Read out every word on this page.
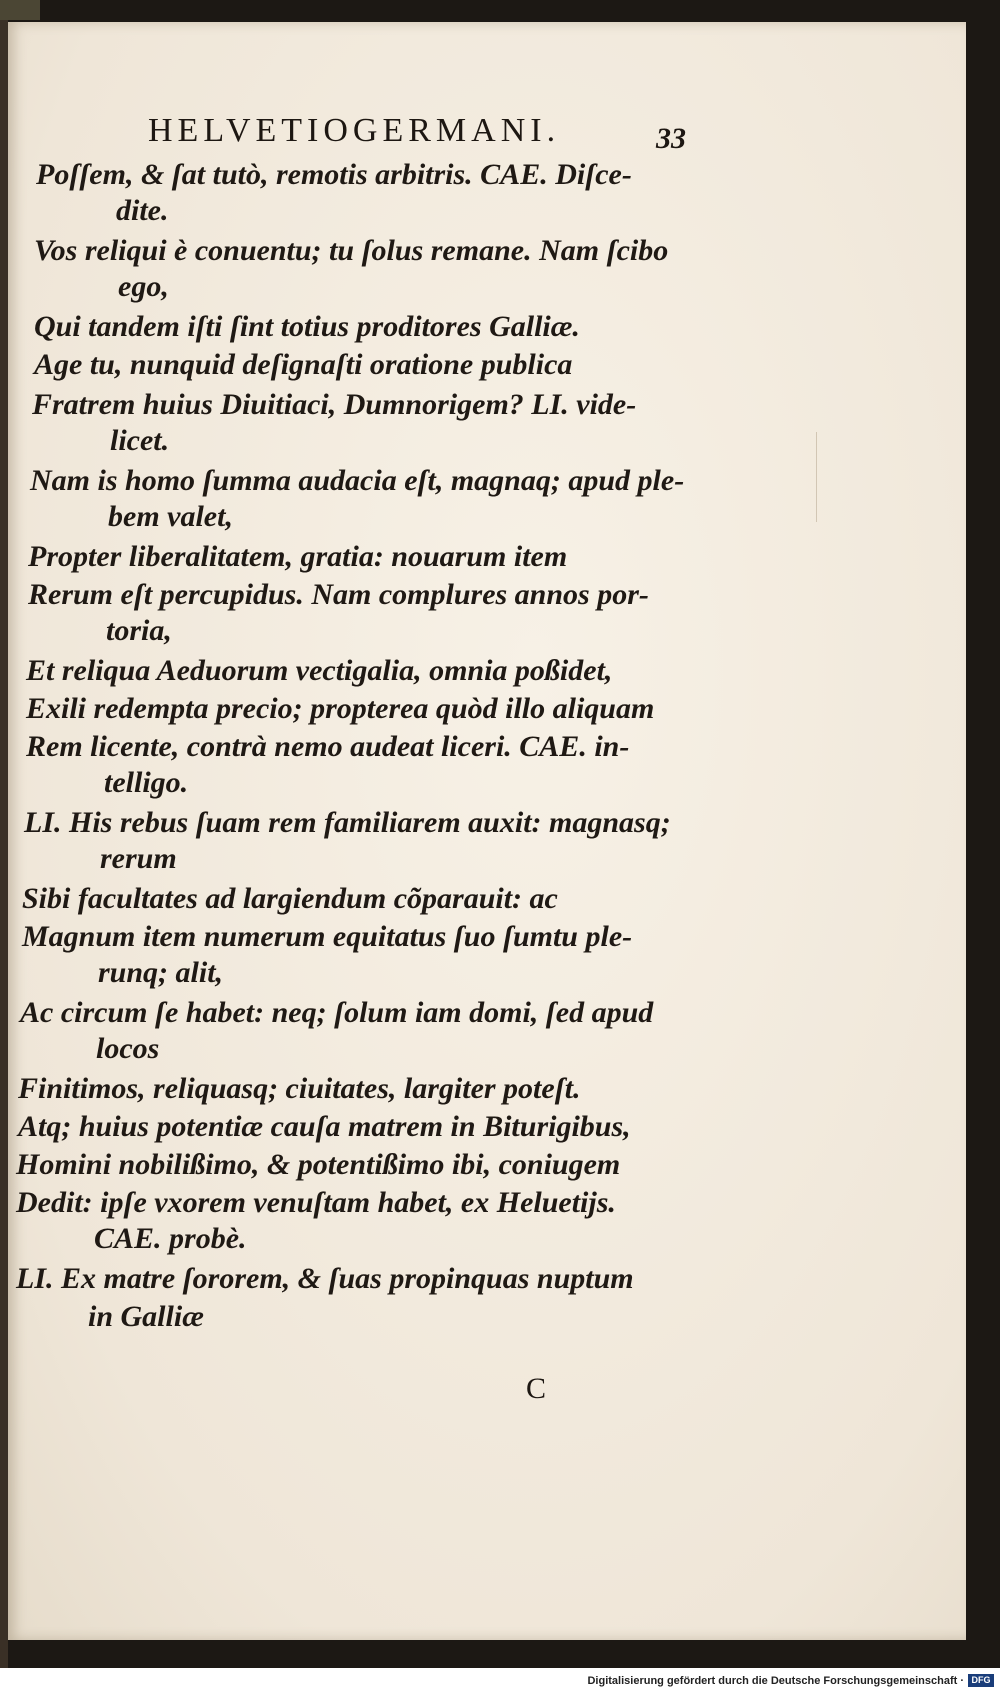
HELVETIOGERMANI.	33
Poſſem, & ſat tutò, remotis arbitris. CAE. Diſce-
dite.
Vos reliqui è conuentu; tu ſolus remane. Nam ſcibo
ego,
Qui tandem iſti ſint totius proditores Galliæ.
Age tu, nunquid deſignaſti oratione publica
Fratrem huius Diuitiaci, Dumnorigem? LI. vide-
licet.
Nam is homo ſumma audacia eſt, magnaq; apud ple-
bem valet,
Propter liberalitatem, gratia: nouarum item
Rerum eſt percupidus. Nam complures annos por-
toria,
Et reliqua Aeduorum vectigalia, omnia poßidet,
Exili redempta precio; propterea quòd illo aliquam
Rem licente, contrà nemo audeat liceri. CAE. in-
telligo.
LI. His rebus ſuam rem familiarem auxit: magnasq;
rerum
Sibi facultates ad largiendum cõparauit: ac
Magnum item numerum equitatus ſuo ſumtu ple-
runq; alit,
Ac circum ſe habet: neq; ſolum iam domi, ſed apud
locos
Finitimos, reliquasq; ciuitates, largiter poteſt.
Atq; huius potentiæ cauſa matrem in Biturigibus,
Homini nobilißimo, & potentißimo ibi, coniugem
Dedit: ipſe vxorem venuſtam habet, ex Heluetijs.
CAE. probè.
LI. Ex matre ſororem, & ſuas propinquas nuptum
in Galliæ
C
Digitalisierung gefördert durch die Deutsche Forschungsgemeinschaft · DFG
